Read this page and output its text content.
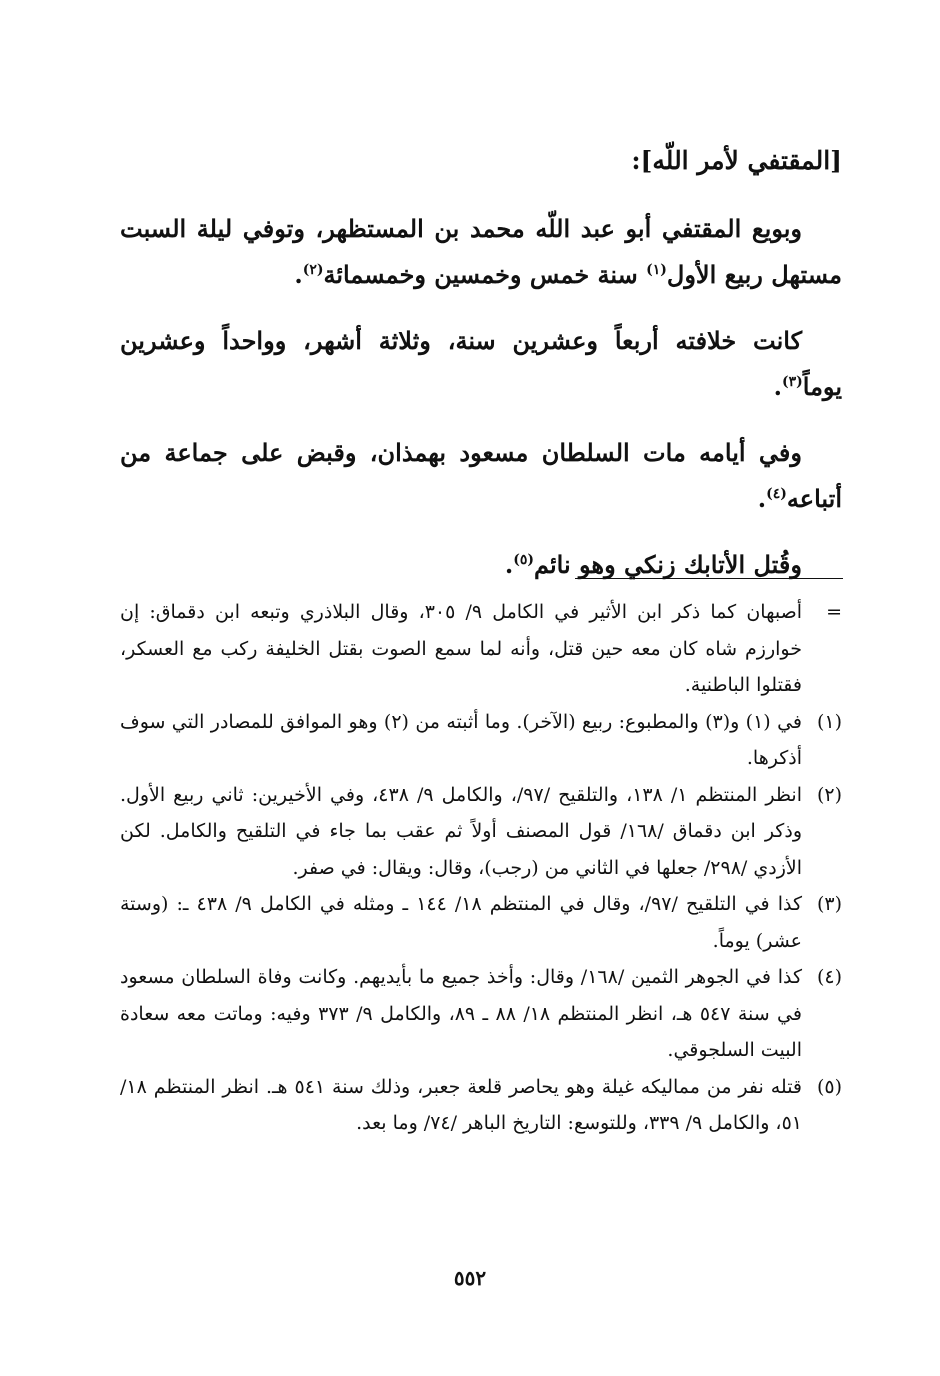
[المقتفي لأمر اللّه]:

وبويع المقتفي أبو عبد اللّه محمد بن المستظهر، وتوفي ليلة السبت مستهل ربيع الأول$^{(١)}$ سنة خمس وخمسين وخمسمائة$^{(٢)}$.

كانت خلافته أربعاً وعشرين سنة، وثلاثة أشهر، وواحداً وعشرين يوماً$^{(٣)}$.

وفي أيامه مات السلطان مسعود بهمذان، وقبض على جماعة من أتباعه$^{(٤)}$.

وقُتل الأتابك زنكي وهو نائم$^{(٥)}$.

=
أصبهان كما ذكر ابن الأثير في الكامل ٩/ ٣٠٥، وقال البلاذري وتبعه ابن دقماق: إن خوارزم شاه كان معه حين قتل، وأنه لما سمع الصوت بقتل الخليفة ركب مع العسكر، فقتلوا الباطنية.
(١)
في (١) و(٣) والمطبوع: ربيع (الآخر). وما أثبته من (٢) وهو الموافق للمصادر التي سوف أذكرها.
(٢)
انظر المنتظم ١/ ١٣٨، والتلقيح /٩٧/، والكامل ٩/ ٤٣٨، وفي الأخيرين: ثاني ربيع الأول. وذكر ابن دقماق /١٦٨/ قول المصنف أولاً ثم عقب بما جاء في التلقيح والكامل. لكن الأزدي /٢٩٨/ جعلها في الثاني من (رجب)، وقال: ويقال: في صفر.
(٣)
كذا في التلقيح /٩٧/، وقال في المنتظم ١٨/ ١٤٤ ـ ومثله في الكامل ٩/ ٤٣٨ ـ: (وستة عشر) يوماً.
(٤)
كذا في الجوهر الثمين /١٦٨/ وقال: وأخذ جميع ما بأيديهم. وكانت وفاة السلطان مسعود في سنة ٥٤٧ هـ، انظر المنتظم ١٨/ ٨٨ ـ ٨٩، والكامل ٩/ ٣٧٣ وفيه: وماتت معه سعادة البيت السلجوقي.
(٥)
قتله نفر من مماليكه غيلة وهو يحاصر قلعة جعبر، وذلك سنة ٥٤١ هـ. انظر المنتظم ١٨/ ٥١، والكامل ٩/ ٣٣٩، وللتوسع: التاريخ الباهر /٧٤/ وما بعد.
٥٥٢
